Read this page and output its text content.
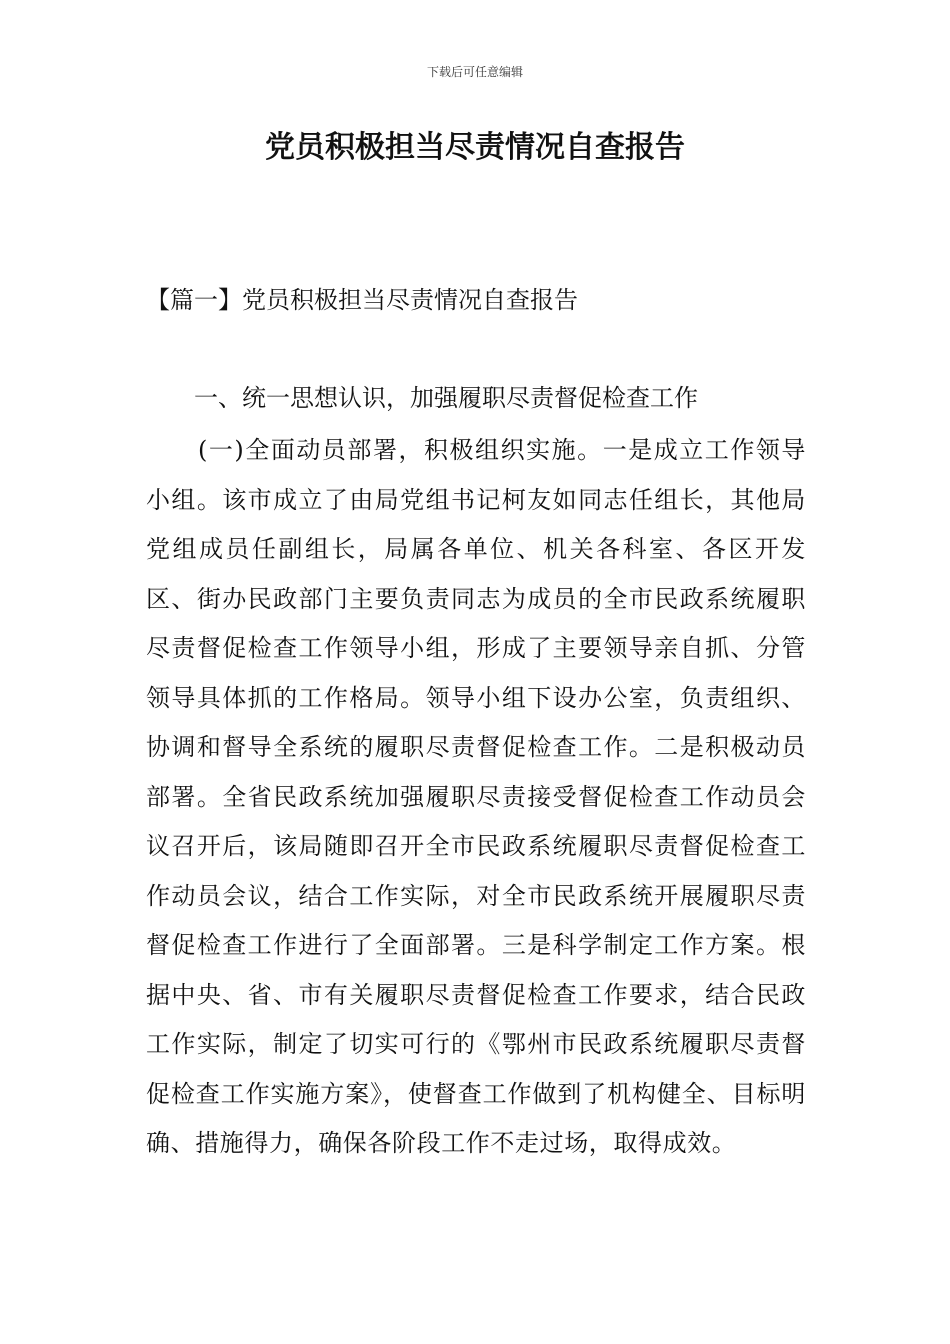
下载后可任意编辑
党员积极担当尽责情况自查报告
【篇一】党员积极担当尽责情况自查报告
一、统一思想认识，加强履职尽责督促检查工作

(一)全面动员部署，积极组织实施。一是成立工作领导小组。该市成立了由局党组书记柯友如同志任组长，其他局党组成员任副组长，局属各单位、机关各科室、各区开发区、街办民政部门主要负责同志为成员的全市民政系统履职尽责督促检查工作领导小组，形成了主要领导亲自抓、分管领导具体抓的工作格局。领导小组下设办公室，负责组织、协调和督导全系统的履职尽责督促检查工作。二是积极动员部署。全省民政系统加强履职尽责接受督促检查工作动员会议召开后，该局随即召开全市民政系统履职尽责督促检查工作动员会议，结合工作实际，对全市民政系统开展履职尽责督促检查工作进行了全面部署。三是科学制定工作方案。根据中央、省、市有关履职尽责督促检查工作要求，结合民政工作实际，制定了切实可行的《鄂州市民政系统履职尽责督促检查工作实施方案》，使督查工作做到了机构健全、目标明确、措施得力，确保各阶段工作不走过场，取得成效。
